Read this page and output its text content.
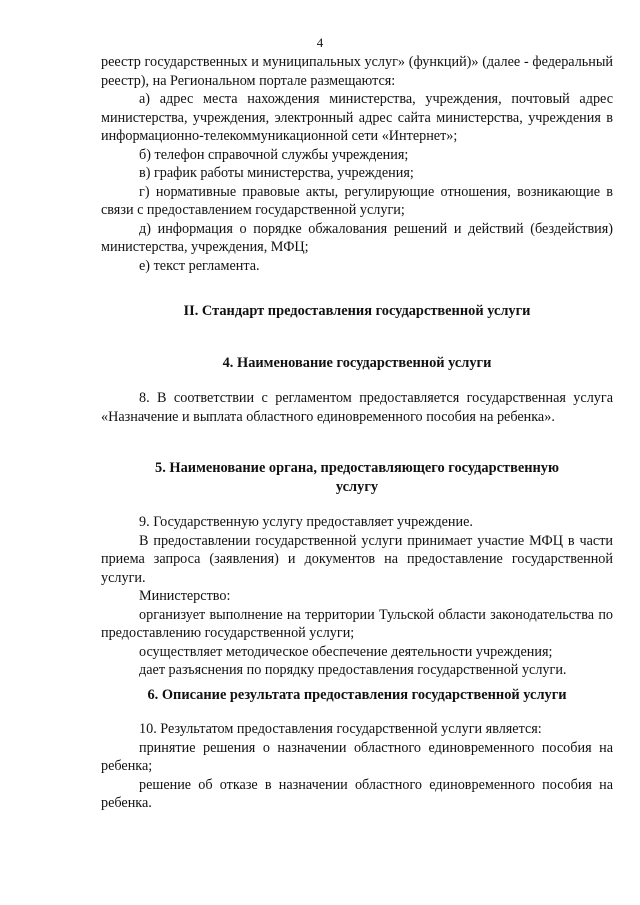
4

реестр государственных и муниципальных услуг» (функций)» (далее - федеральный реестр), на Региональном портале размещаются:

а) адрес места нахождения министерства, учреждения, почтовый адрес министерства, учреждения, электронный адрес сайта министерства, учреждения в информационно-телекоммуникационной сети «Интернет»;

б) телефон справочной службы учреждения;

в) график работы министерства, учреждения;

г) нормативные правовые акты, регулирующие отношения, возникающие в связи с предоставлением государственной услуги;

д) информация о порядке обжалования решений и действий (бездействия) министерства, учреждения, МФЦ;

е) текст регламента.

II. Стандарт предоставления государственной услуги
4. Наименование государственной услуги

8. В соответствии с регламентом предоставляется государственная услуга «Назначение и выплата областного единовременного пособия на ребенка».

5. Наименование органа, предоставляющего государственную
услугу

9. Государственную услугу предоставляет учреждение.

В предоставлении государственной услуги принимает участие МФЦ в части приема запроса (заявления) и документов на предоставление государственной услуги.

Министерство:

организует выполнение на территории Тульской области законодательства по предоставлению государственной услуги;

осуществляет методическое обеспечение деятельности учреждения;

дает разъяснения по порядку предоставления государственной услуги.

6. Описание результата предоставления государственной услуги

10. Результатом предоставления государственной услуги является:

принятие решения о назначении областного единовременного пособия на ребенка;

решение об отказе в назначении областного единовременного пособия на ребенка.
